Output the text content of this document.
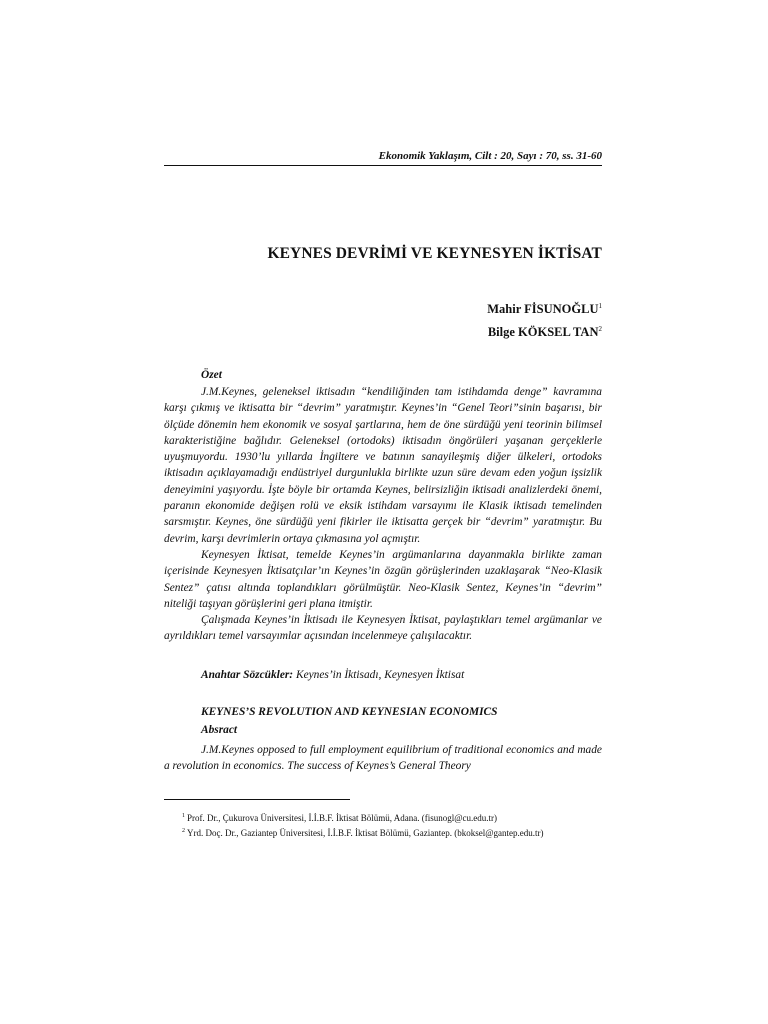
Ekonomik Yaklaşım, Cilt : 20, Sayı : 70, ss. 31-60
KEYNES DEVRİMİ VE KEYNESYEN İKTİSAT
Mahir FİSUNOĞLU$^1$
Bilge KÖKSEL TAN$^2$
Özet

J.M.Keynes, geleneksel iktisadın “kendiliğinden tam istihdamda denge” kavramına karşı çıkmış ve iktisatta bir “devrim” yaratmıştır. Keynes’in “Genel Teori”sinin başarısı, bir ölçüde dönemin hem ekonomik ve sosyal şartlarına, hem de öne sürdüğü yeni teorinin bilimsel karakteristiğine bağlıdır. Geleneksel (ortodoks) iktisadın öngörüleri yaşanan gerçeklerle uyuşmuyordu. 1930’lu yıllarda İngiltere ve batının sanayileşmiş diğer ülkeleri, ortodoks iktisadın açıklayamadığı endüstriyel durgunlukla birlikte uzun süre devam eden yoğun işsizlik deneyimini yaşıyordu. İşte böyle bir ortamda Keynes, belirsizliğin iktisadi analizlerdeki önemi, paranın ekonomide değişen rolü ve eksik istihdam varsayımı ile Klasik iktisadı temelinden sarsmıştır. Keynes, öne sürdüğü yeni fikirler ile iktisatta gerçek bir “devrim” yaratmıştır. Bu devrim, karşı devrimlerin ortaya çıkmasına yol açmıştır.

Keynesyen İktisat, temelde Keynes’in argümanlarına dayanmakla birlikte zaman içerisinde Keynesyen İktisatçılar’ın Keynes’in özgün görüşlerinden uzaklaşarak “Neo-Klasik Sentez” çatısı altında toplandıkları görülmüştür. Neo-Klasik Sentez, Keynes’in “devrim” niteliği taşıyan görüşlerini geri plana itmiştir.

Çalışmada Keynes’in İktisadı ile Keynesyen İktisat, paylaştıkları temel argümanlar ve ayrıldıkları temel varsayımlar açısından incelenmeye çalışılacaktır.

Anahtar Sözcükler: Keynes’in İktisadı, Keynesyen İktisat
KEYNES’S REVOLUTION AND KEYNESIAN ECONOMICS
Absract

J.M.Keynes opposed to full employment equilibrium of traditional economics and made a revolution in economics. The success of Keynes’s General Theory

$^1$ Prof. Dr., Çukurova Üniversitesi, İ.İ.B.F. İktisat Bölümü, Adana. (fisunogl@cu.edu.tr)
$^2$ Yrd. Doç. Dr., Gaziantep Üniversitesi, İ.İ.B.F. İktisat Bölümü, Gaziantep. (bkoksel@gantep.edu.tr)
